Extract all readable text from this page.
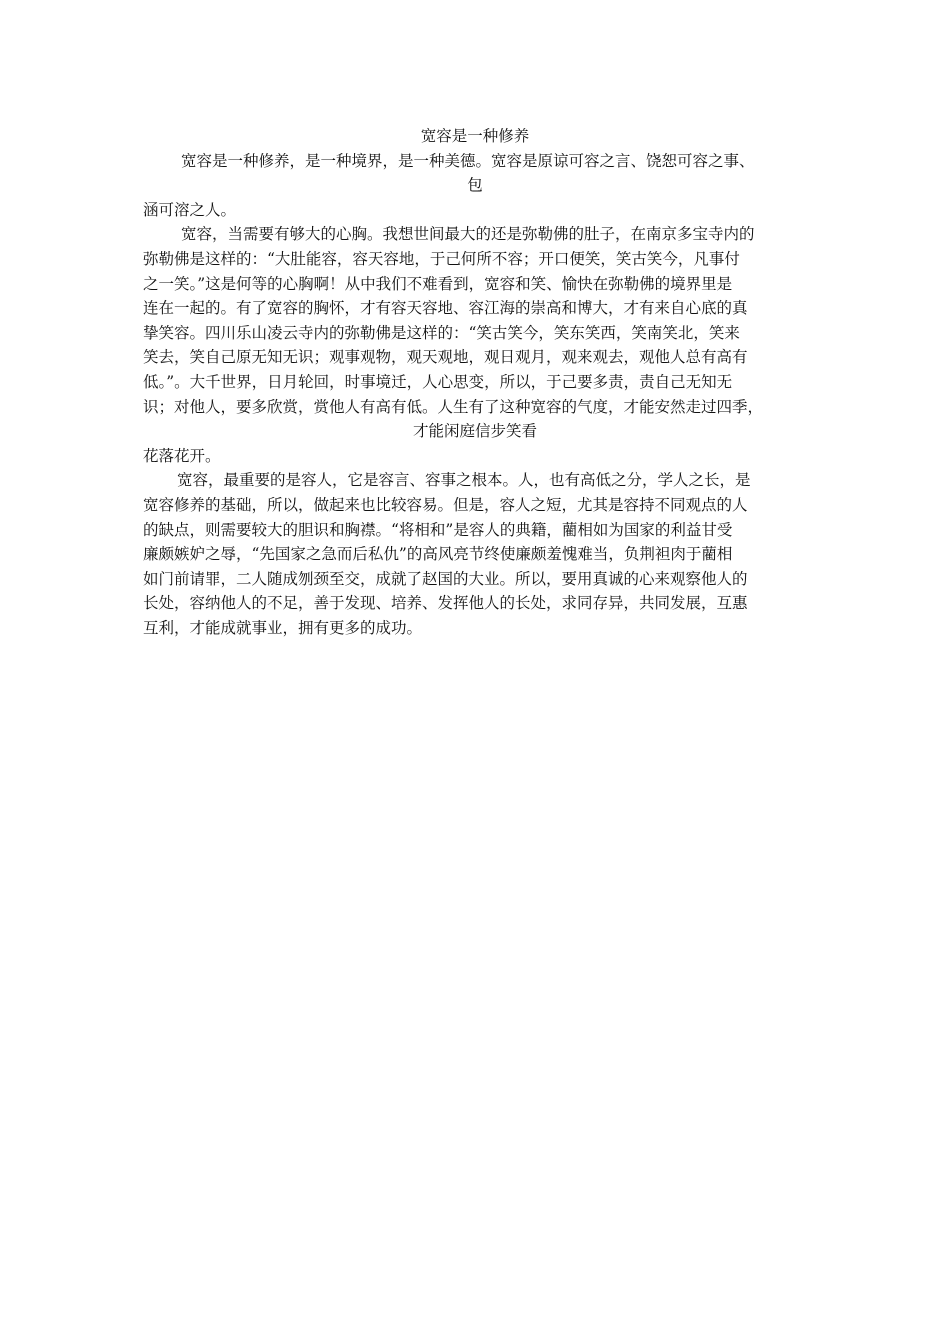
宽容是一种修养
宽容是一种修养，是一种境界，是一种美德。宽容是原谅可容之言、饶恕可容之事、
包
涵可溶之人。
宽容，当需要有够大的心胸。我想世间最大的还是弥勒佛的肚子，在南京多宝寺内的
弥勒佛是这样的：“大肚能容，容天容地，于己何所不容；开口便笑，笑古笑今，凡事付
之一笑。”这是何等的心胸啊！从中我们不难看到，宽容和笑、愉快在弥勒佛的境界里是
连在一起的。有了宽容的胸怀，才有容天容地、容江海的崇高和博大，才有来自心底的真
挚笑容。四川乐山凌云寺内的弥勒佛是这样的：“笑古笑今，笑东笑西，笑南笑北，笑来
笑去，笑自己原无知无识；观事观物，观天观地，观日观月，观来观去，观他人总有高有
低。”。大千世界，日月轮回，时事境迁，人心思变，所以，于己要多责，责自己无知无
识；对他人，要多欣赏，赏他人有高有低。人生有了这种宽容的气度，才能安然走过四季，
才能闲庭信步笑看
花落花开。
宽容，最重要的是容人，它是容言、容事之根本。人，也有高低之分，学人之长，是
宽容修养的基础，所以，做起来也比较容易。但是，容人之短，尤其是容持不同观点的人
的缺点，则需要较大的胆识和胸襟。“将相和”是容人的典籍，藺相如为国家的利益甘受
廉颇嫉妒之辱，“先国家之急而后私仇”的高风亮节终使廉颇羞愧难当，负荆袒肉于藺相
如门前请罪，二人随成刎颈至交，成就了赵国的大业。所以，要用真诚的心来观察他人的
长处，容纳他人的不足，善于发现、培养、发挥他人的长处，求同存异，共同发展，互惠
互利，才能成就事业，拥有更多的成功。
